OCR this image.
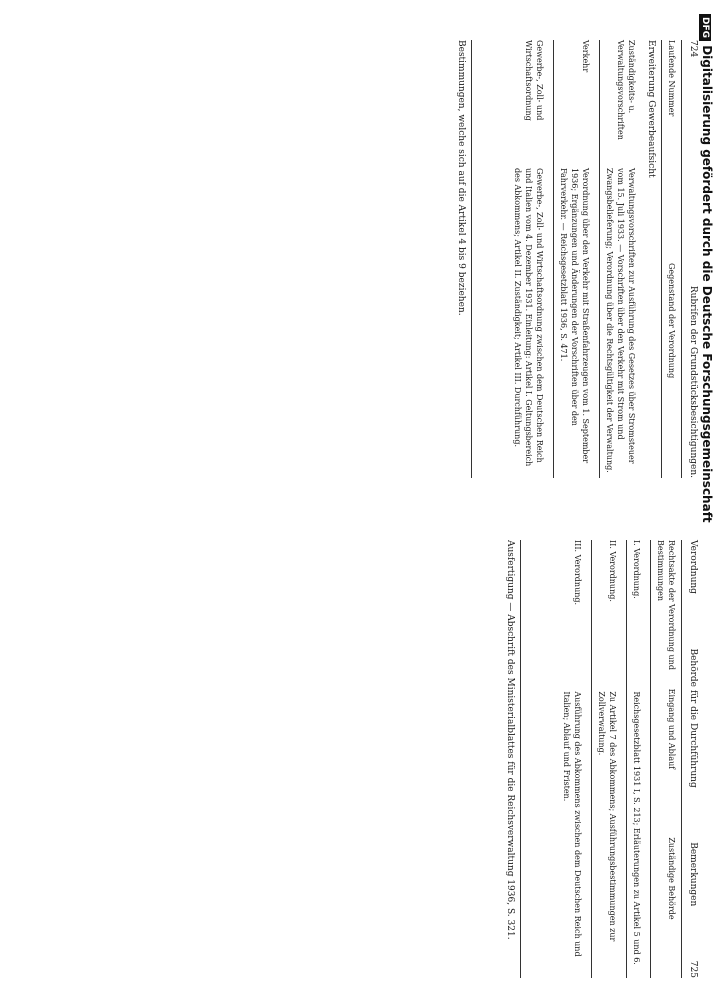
724
Rubrifen der Grundstücksbesichtigungen.
Laufende Nummer
Gegenstand der Verordnung
Erweiterung Gewerbeaufsicht
Zuständigkeits- u. Verwaltungsvorschriften
Verwaltungsvorschriften zur Ausführung des Gesetzes über Stromsteuer vom 15. Juli 1933. — Vorschriften über den Verkehr mit Strom und Zwangsbelieferung; Verordnung über die Rechtsgültigkeit der Verwaltung.
Verkehr
Verordnung über den Verkehr mit Straßenfahrzeugen vom 1. September 1936; Ergänzungen und Änderungen der Vorschriften über den Fahrverkehr. — Reichsgesetzblatt 1936, S. 471.
Gewerbe-, Zoll- und Wirtschaftsordnung
Gewerbe-, Zoll- und Wirtschaftsordnung zwischen dem Deutschen Reich und Italien vom 4. Dezember 1931. Einleitung: Artikel I. Geltungsbereich des Abkommens; Artikel II. Zuständigkeit; Artikel III. Durchführung.
Bestimmungen, welche sich auf die Artikel 4 bis 9 beziehen.
Verordnung
Behörde für die Durchführung
Bemerkungen
725
Rechtsakte der Verordnung und Bestimmungen
Eingang und Ablauf
Zuständige Behörde
I. Verordnung.
Reichsgesetzblatt 1931 I, S. 213; Erläuterungen zu Artikel 5 und 6.
II. Verordnung.
Zu Artikel 7 des Abkommens; Ausführungsbestimmungen zur Zollverwaltung.
III. Verordnung.
Ausführung des Abkommens zwischen dem Deutschen Reich und Italien; Ablauf und Fristen.
Ausfertigung — Abschrift des Ministerialblattes für die Reichsverwaltung 1936, S. 321.
DFG Digitalisierung gefördert durch die Deutsche Forschungsgemeinschaft
